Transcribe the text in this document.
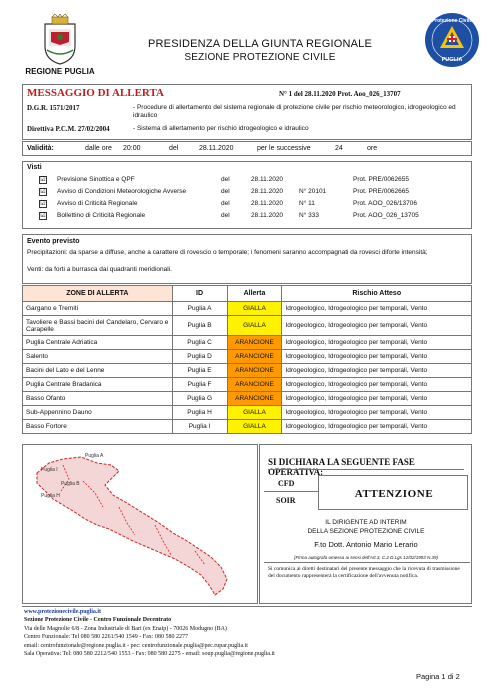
REGIONE PUGLIA
PRESIDENZA DELLA GIUNTA REGIONALE
SEZIONE PROTEZIONE CIVILE
Protezione Civile
PUGLIA
MESSAGGIO DI ALLERTA	N° 1 del 28.11.2020 Prot. Aoo_026_13707
D.G.R. 1571/2017	- Procedure di allertamento del sistema regionale di protezione civile per rischio meteorologico, idrogeologico ed idraulico
Direttiva P.C.M. 27/02/2004	- Sistema di allertamento per rischio idrogeologico e idraulico
Validità:	dalle ore 20:00	del	28.11.2020	per le successive	24	ore
Visti
☑ Previsione Sinottica e QPF	del	28.11.2020	Prot. PRE/0062655
☑ Avviso di Condizioni Meteorologiche Avverse	del	28.11.2020 N° 20101	Prot. PRE/0062665
☑ Avviso di Criticità Regionale	del	28.11.2020 N° 11	Prot. AOO_026/13706
☑ Bollettino di Criticità Regionale	del	28.11.2020 N° 333	Prot. AOO_026_13705
Evento previsto
Precipitazioni: da sparse a diffuse, anche a carattere di rovescio o temporale; i fenomeni saranno accompagnati da rovesci diforte intensità;
Venti: da forti a burrasca dai quadranti meridionali.
ZONE DI ALLERTA	ID	Allerta	Rischio Atteso
Gargano e Tremiti	Puglia A	GIALLA	Idrogeologico, Idrogeologico per temporali, Vento
Tavoliere e Bassi bacini del Candelaro, Cervaro e Carapelle	Puglia B	GIALLA	Idrogeologico, Idrogeologico per temporali, Vento
Puglia Centrale Adriatica	Puglia C	ARANCIONE	Idrogeologico, Idrogeologico per temporali, Vento
Salento	Puglia D	ARANCIONE	Idrogeologico, Idrogeologico per temporali, Vento
Bacini del Lato e del Lenne	Puglia E	ARANCIONE	Idrogeologico, Idrogeologico per temporali, Vento
Puglia Centrale Bradanica	Puglia F	ARANCIONE	Idrogeologico, Idrogeologico per temporali, Vento
Basso Ofanto	Puglia G	ARANCIONE	Idrogeologico, Idrogeologico per temporali, Vento
Sub-Appennino Dauno	Puglia H	GIALLA	Idrogeologico, Idrogeologico per temporali, Vento
Basso Fortore	Puglia I	GIALLA	Idrogeologico, Idrogeologico per temporali, Vento
Puglia A
Puglia I
Puglia B
Puglia H
SI DICHIARA LA SEGUENTE FASE OPERATIVA:
CFD
SOIR
ATTENZIONE
IL DIRIGENTE AD INTERIM
DELLA SEZIONE PROTEZIONE CIVILE
F.to Dott. Antonio Mario Lerario
(Firma autografa omessa ai sensi dell'Art.3, C.2 D.Lgs 12/02/1993 N.39)
Si comunica ai diretti destinatari del presente messaggio che la ricevuta di trasmissione del documento rappresenterà la certificazione dell'avvenuta notifica.
www.protezionecivile.puglia.it
Sezione Protezione Civile - Centro Funzionale Decentrato
Via delle Magnolie 6/8 - Zona Industriale di Bari (ex Enaip) - 70026 Modugno (BA)
Centro Funzionale: Tel 080 580 2261/540 1549 - Fax: 080 580 2277
email: centrofunzionale@regione.puglia.it - pec: centrofunzionale.puglia@pec.rupar.puglia.it
Sala Operativa: Tel: 080 580 2212/540 1553 - Fax: 080 580 2275 - email: soup.puglia@regione.puglia.it
Pagina 1 di 2
